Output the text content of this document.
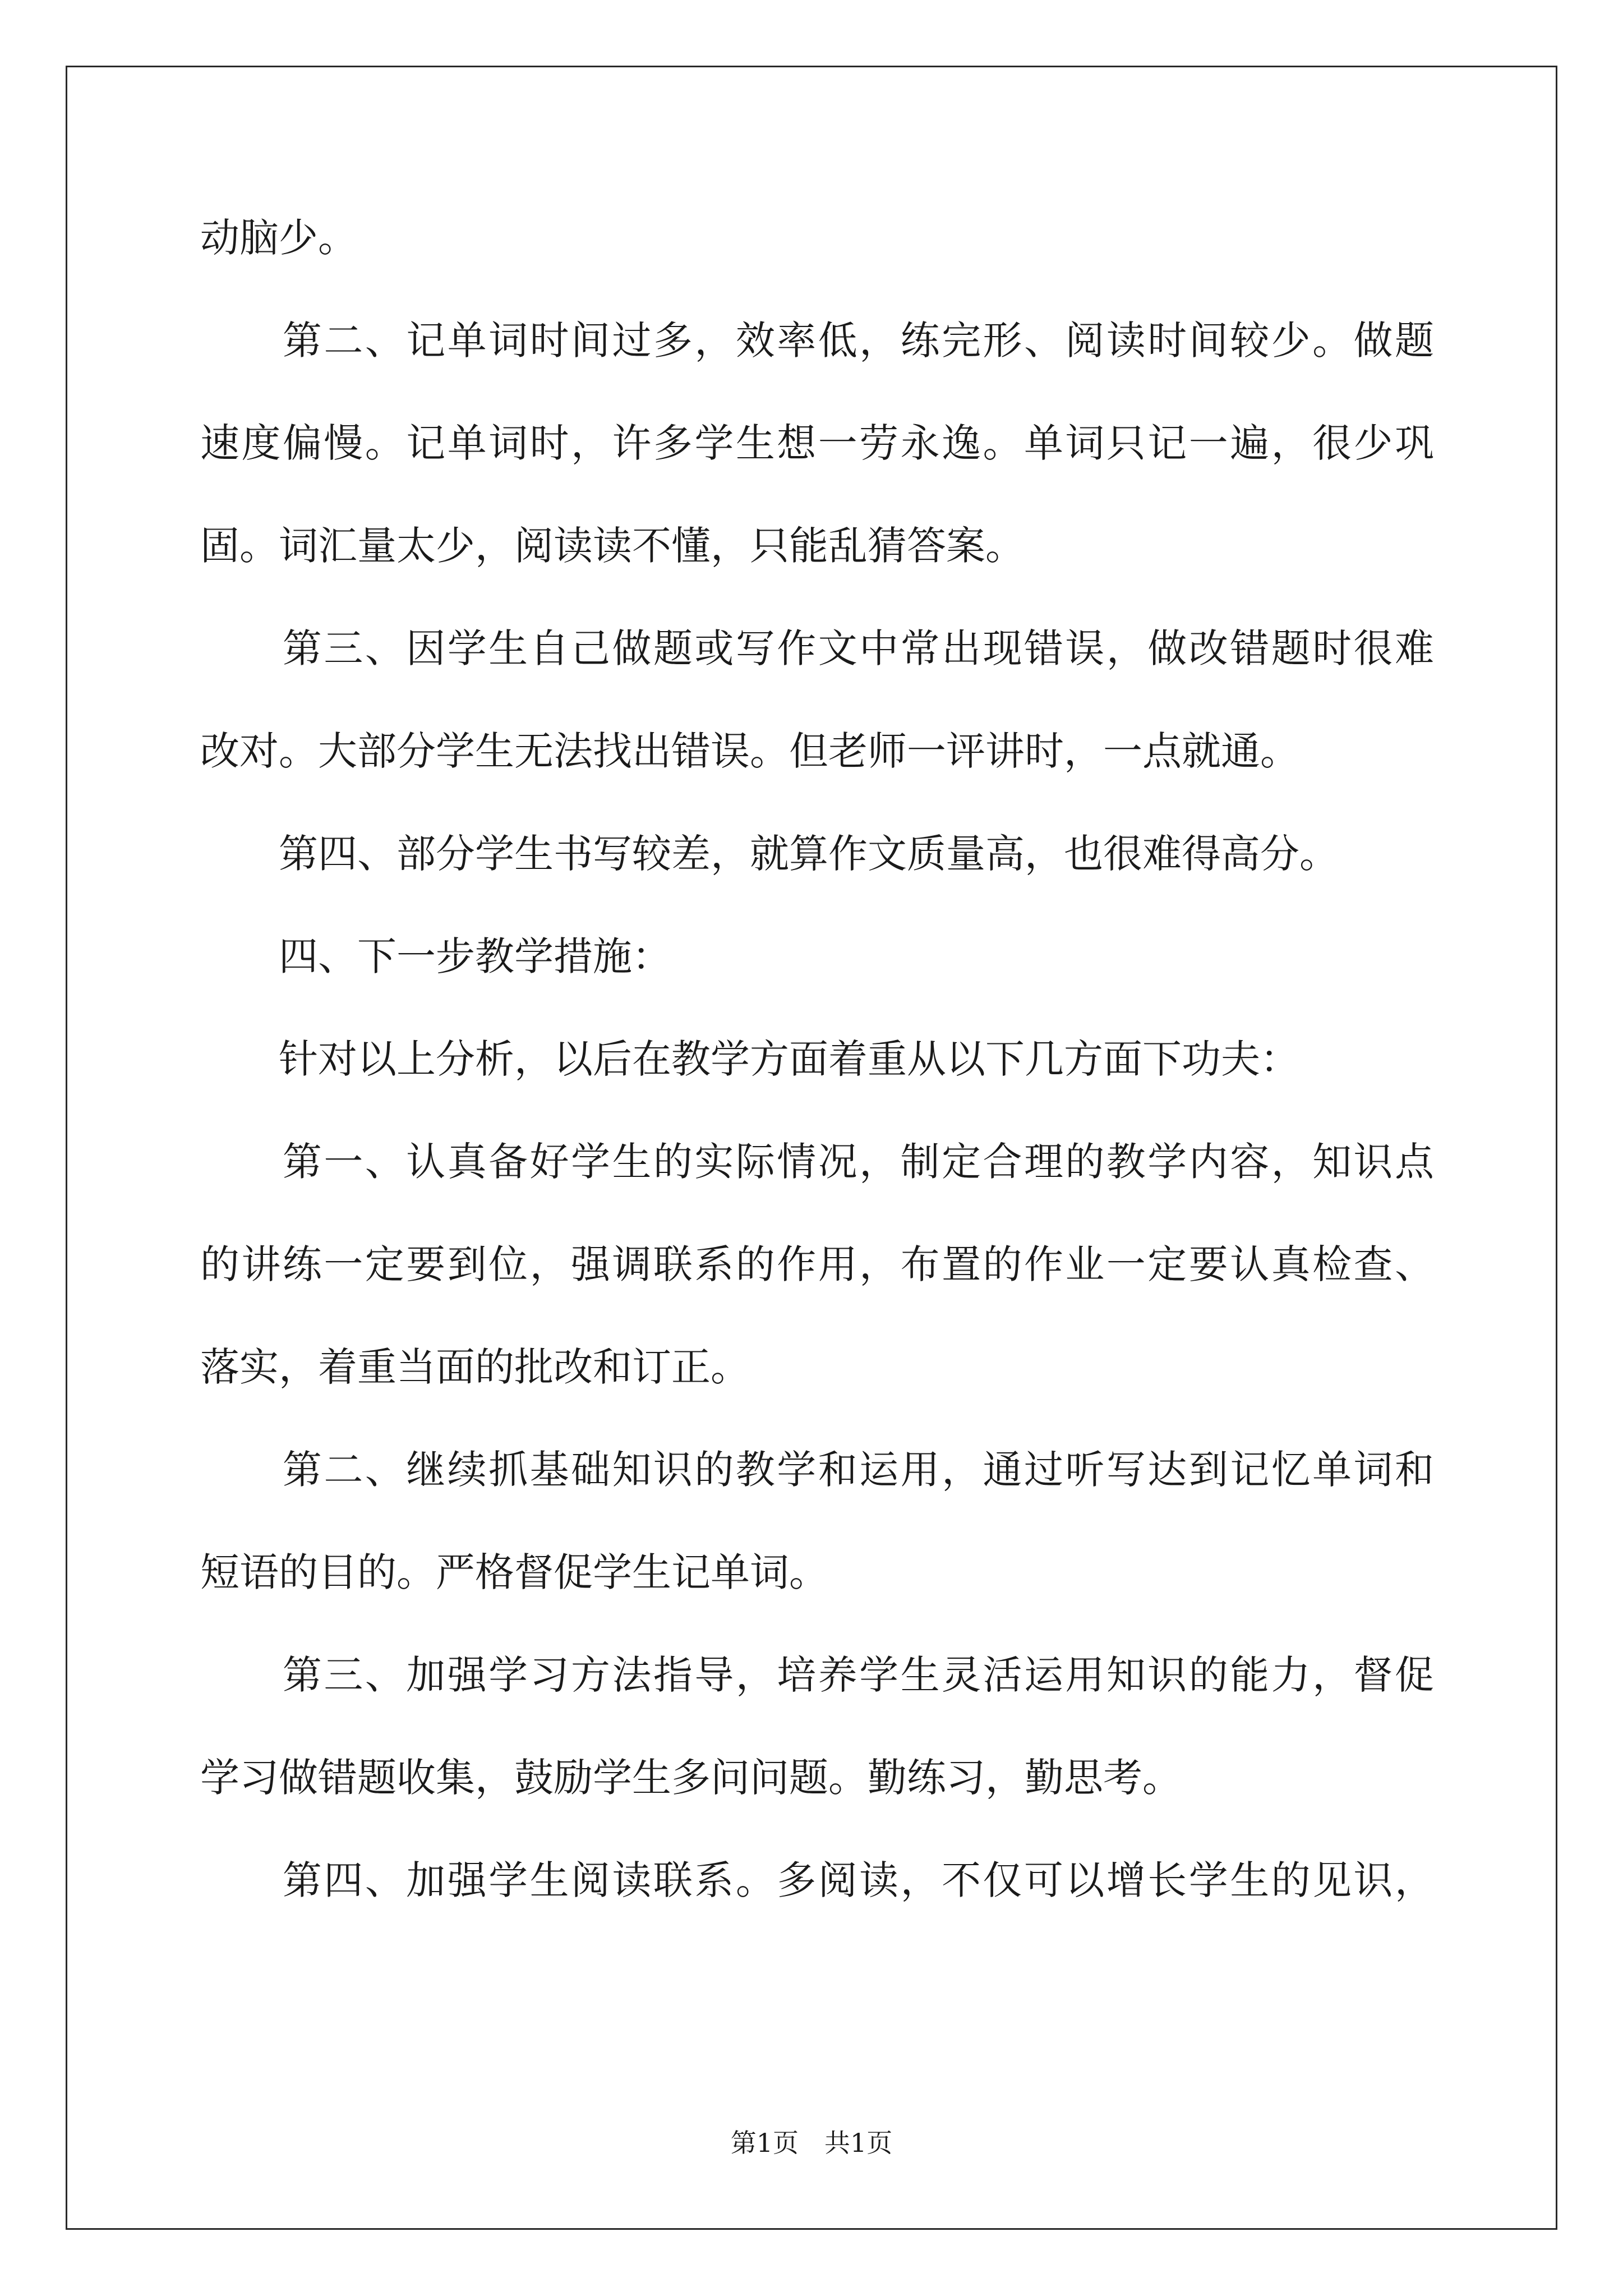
动脑少。
　　第二、记单词时间过多，效率低，练完形、阅读时间较少。做题
速度偏慢。记单词时，许多学生想一劳永逸。单词只记一遍，很少巩
固。词汇量太少，阅读读不懂，只能乱猜答案。
　　第三、因学生自己做题或写作文中常出现错误，做改错题时很难
改对。大部分学生无法找出错误。但老师一评讲时，一点就通。
　　第四、部分学生书写较差，就算作文质量高，也很难得高分。
　　四、下一步教学措施：
　　针对以上分析，以后在教学方面着重从以下几方面下功夫：
　　第一、认真备好学生的实际情况，制定合理的教学内容，知识点
的讲练一定要到位，强调联系的作用，布置的作业一定要认真检查、
落实，着重当面的批改和订正。
　　第二、继续抓基础知识的教学和运用，通过听写达到记忆单词和
短语的目的。严格督促学生记单词。
　　第三、加强学习方法指导，培养学生灵活运用知识的能力，督促
学习做错题收集，鼓励学生多问问题。勤练习，勤思考。
　　第四、加强学生阅读联系。多阅读，不仅可以增长学生的见识，
第1页　共1页
